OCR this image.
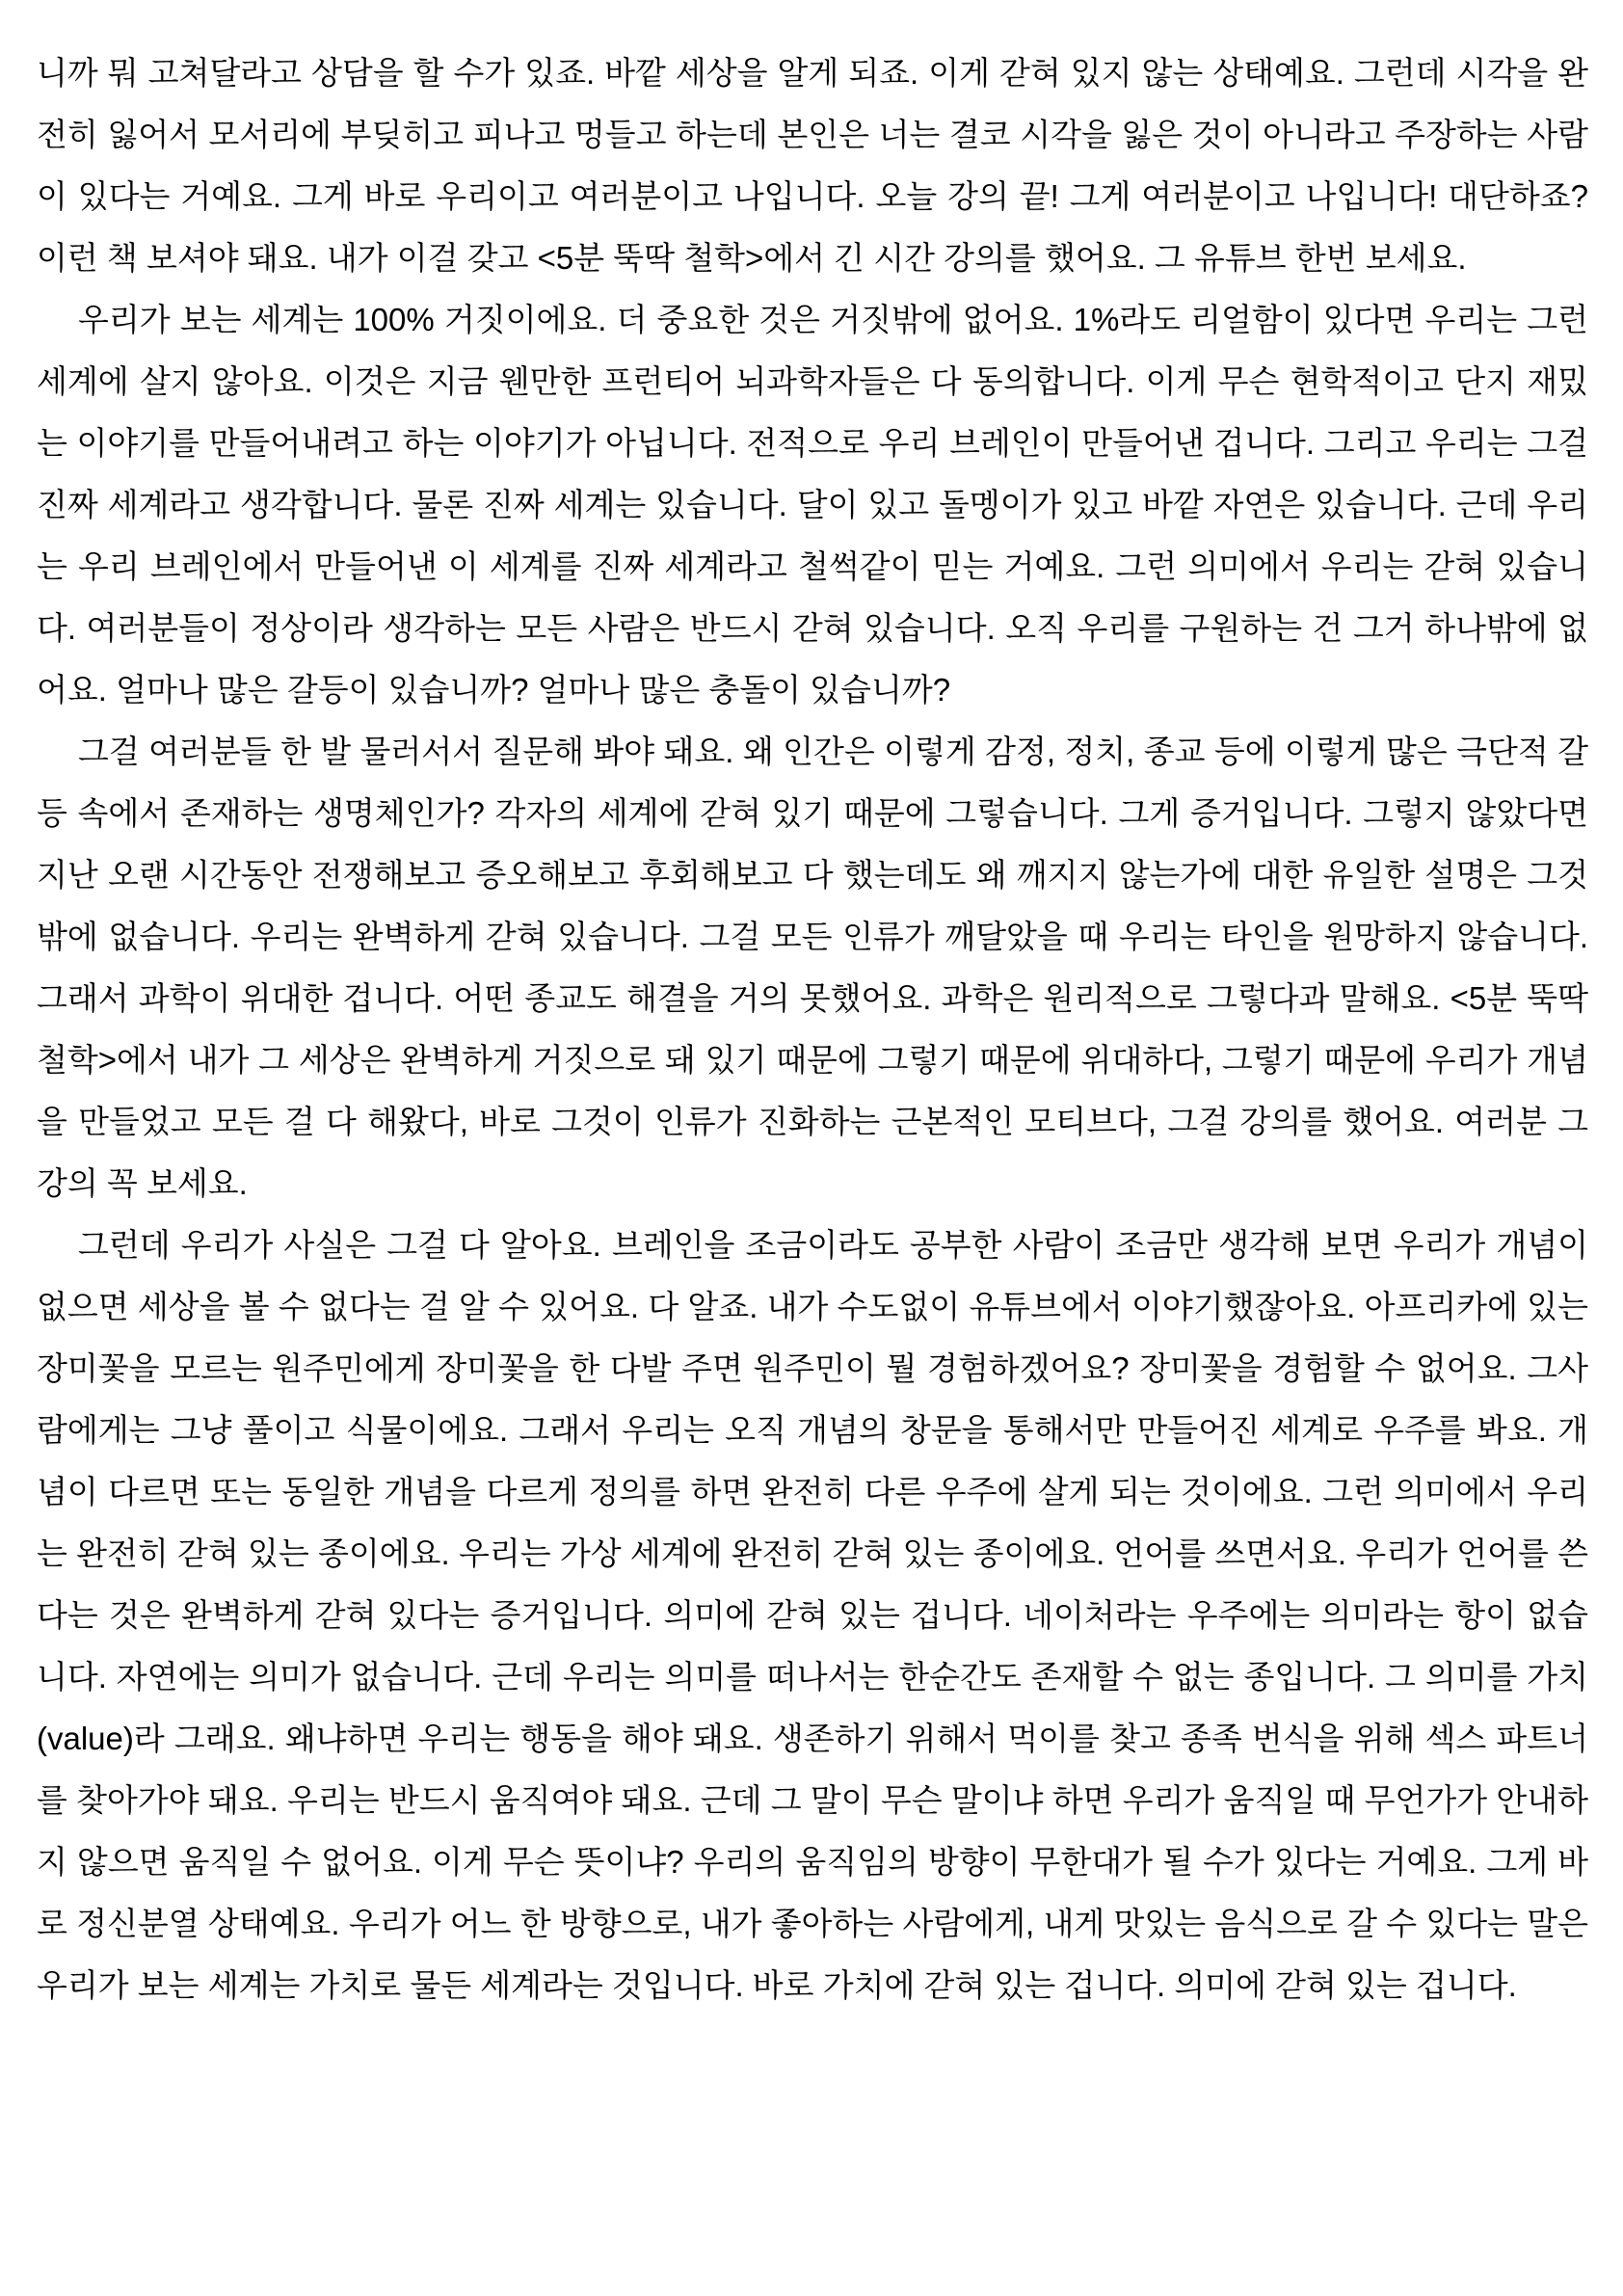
니까 뭐 고쳐달라고 상담을 할 수가 있죠. 바깥 세상을 알게 되죠. 이게 갇혀 있지 않는 상태예요. 그런데 시각을 완전히 잃어서 모서리에 부딪히고 피나고 멍들고 하는데 본인은 너는 결코 시각을 잃은 것이 아니라고 주장하는 사람이 있다는 거예요. 그게 바로 우리이고 여러분이고 나입니다. 오늘 강의 끝! 그게 여러분이고 나입니다! 대단하죠? 이런 책 보셔야 돼요. 내가 이걸 갖고 <5분 뚝딱 철학>에서 긴 시간 강의를 했어요. 그 유튜브 한번 보세요.

우리가 보는 세계는 100% 거짓이에요. 더 중요한 것은 거짓밖에 없어요. 1%라도 리얼함이 있다면 우리는 그런 세계에 살지 않아요. 이것은 지금 웬만한 프런티어 뇌과학자들은 다 동의합니다. 이게 무슨 현학적이고 단지 재밌는 이야기를 만들어내려고 하는 이야기가 아닙니다. 전적으로 우리 브레인이 만들어낸 겁니다. 그리고 우리는 그걸 진짜 세계라고 생각합니다. 물론 진짜 세계는 있습니다. 달이 있고 돌멩이가 있고 바깥 자연은 있습니다. 근데 우리는 우리 브레인에서 만들어낸 이 세계를 진짜 세계라고 철썩같이 믿는 거예요. 그런 의미에서 우리는 갇혀 있습니다. 여러분들이 정상이라 생각하는 모든 사람은 반드시 갇혀 있습니다. 오직 우리를 구원하는 건 그거 하나밖에 없어요. 얼마나 많은 갈등이 있습니까? 얼마나 많은 충돌이 있습니까?

그걸 여러분들 한 발 물러서서 질문해 봐야 돼요. 왜 인간은 이렇게 감정, 정치, 종교 등에 이렇게 많은 극단적 갈등 속에서 존재하는 생명체인가? 각자의 세계에 갇혀 있기 때문에 그렇습니다. 그게 증거입니다. 그렇지 않았다면 지난 오랜 시간동안 전쟁해보고 증오해보고 후회해보고 다 했는데도 왜 깨지지 않는가에 대한 유일한 설명은 그것밖에 없습니다. 우리는 완벽하게 갇혀 있습니다. 그걸 모든 인류가 깨달았을 때 우리는 타인을 원망하지 않습니다. 그래서 과학이 위대한 겁니다. 어떤 종교도 해결을 거의 못했어요. 과학은 원리적으로 그렇다과 말해요. <5분 뚝딱 철학>에서 내가 그 세상은 완벽하게 거짓으로 돼 있기 때문에 그렇기 때문에 위대하다, 그렇기 때문에 우리가 개념을 만들었고 모든 걸 다 해왔다, 바로 그것이 인류가 진화하는 근본적인 모티브다, 그걸 강의를 했어요. 여러분 그 강의 꼭 보세요.

그런데 우리가 사실은 그걸 다 알아요. 브레인을 조금이라도 공부한 사람이 조금만 생각해 보면 우리가 개념이 없으면 세상을 볼 수 없다는 걸 알 수 있어요. 다 알죠. 내가 수도없이 유튜브에서 이야기했잖아요. 아프리카에 있는 장미꽃을 모르는 원주민에게 장미꽃을 한 다발 주면 원주민이 뭘 경험하겠어요? 장미꽃을 경험할 수 없어요. 그사람에게는 그냥 풀이고 식물이에요. 그래서 우리는 오직 개념의 창문을 통해서만 만들어진 세계로 우주를 봐요. 개념이 다르면 또는 동일한 개념을 다르게 정의를 하면 완전히 다른 우주에 살게 되는 것이에요. 그런 의미에서 우리는 완전히 갇혀 있는 종이에요. 우리는 가상 세계에 완전히 갇혀 있는 종이에요. 언어를 쓰면서요. 우리가 언어를 쓴다는 것은 완벽하게 갇혀 있다는 증거입니다. 의미에 갇혀 있는 겁니다. 네이처라는 우주에는 의미라는 항이 없습니다. 자연에는 의미가 없습니다. 근데 우리는 의미를 떠나서는 한순간도 존재할 수 없는 종입니다. 그 의미를 가치(value)라 그래요. 왜냐하면 우리는 행동을 해야 돼요. 생존하기 위해서 먹이를 찾고 종족 번식을 위해 섹스 파트너를 찾아가야 돼요. 우리는 반드시 움직여야 돼요. 근데 그 말이 무슨 말이냐 하면 우리가 움직일 때 무언가가 안내하지 않으면 움직일 수 없어요. 이게 무슨 뜻이냐? 우리의 움직임의 방향이 무한대가 될 수가 있다는 거예요. 그게 바로 정신분열 상태예요. 우리가 어느 한 방향으로, 내가 좋아하는 사람에게, 내게 맛있는 음식으로 갈 수 있다는 말은 우리가 보는 세계는 가치로 물든 세계라는 것입니다. 바로 가치에 갇혀 있는 겁니다. 의미에 갇혀 있는 겁니다.
